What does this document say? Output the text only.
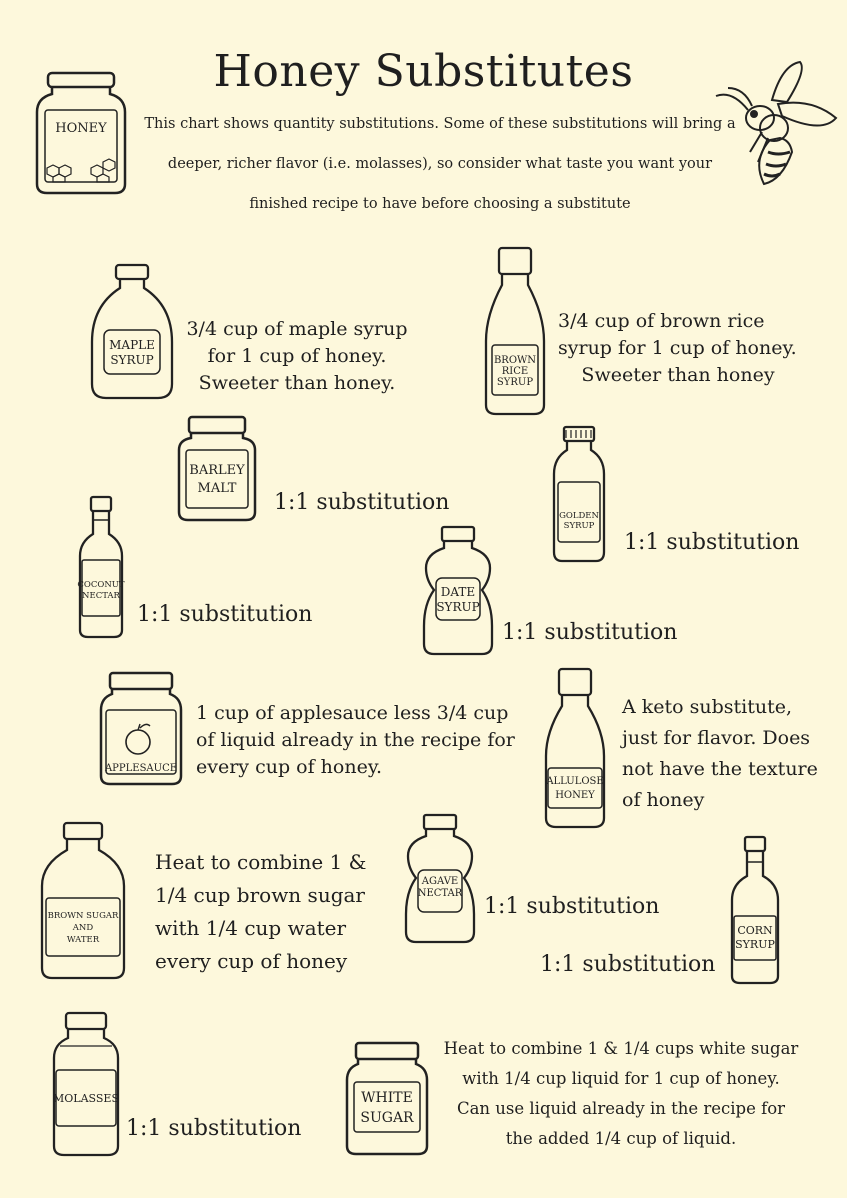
Honey Substitutes
This chart shows quantity substitutions. Some of these substitutions will bring a deeper, richer flavor (i.e. molasses), so consider what taste you want your finished recipe to have before choosing a substitute
HONEY
MAPLE
SYRUP
3/4 cup of maple syrup
for 1 cup of honey.
Sweeter than honey.
BROWN
RICE
SYRUP
3/4 cup of brown rice
syrup for 1 cup of honey.
Sweeter than honey
BARLEY
MALT
1:1 substitution
GOLDEN
SYRUP
1:1 substitution
COCONUT
NECTAR
1:1 substitution
DATE
SYRUP
1:1 substitution
APPLESAUCE
1 cup of applesauce less 3/4 cup
of liquid already in the recipe for
every cup of honey.
ALLULOSE
HONEY
A keto substitute,
just for flavor. Does
not have the texture
of honey
BROWN SUGAR
AND
WATER
Heat to combine 1 &
1/4 cup brown sugar
with 1/4 cup water
every cup of honey
AGAVE
NECTAR
1:1 substitution
CORN
SYRUP
1:1 substitution
MOLASSES
1:1 substitution
WHITE
SUGAR
Heat to combine 1 & 1/4 cups white sugar
with 1/4 cup liquid for 1 cup of honey.
Can use liquid already in the recipe for
the added 1/4 cup of liquid.
